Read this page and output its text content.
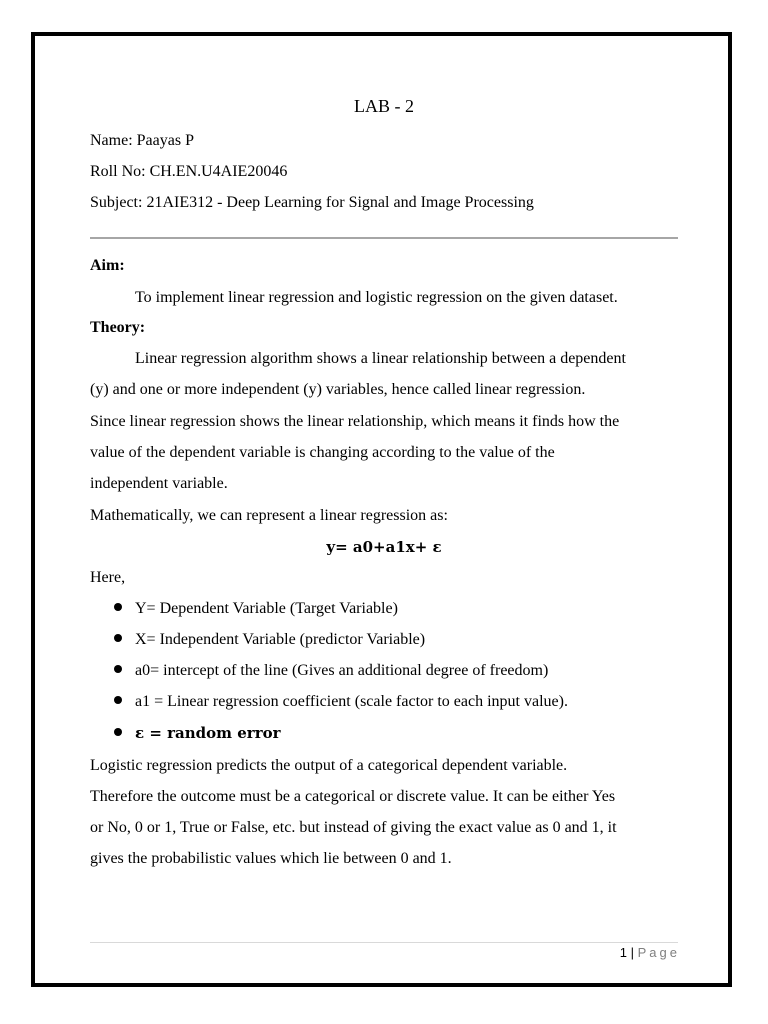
LAB - 2
Name: Paayas P
Roll No: CH.EN.U4AIE20046
Subject: 21AIE312 - Deep Learning for Signal and Image Processing
Aim:
To implement linear regression and logistic regression on the given dataset.
Theory:
Linear regression algorithm shows a linear relationship between a dependent
(y) and one or more independent (y) variables, hence called linear regression.
Since linear regression shows the linear relationship, which means it finds how the
value of the dependent variable is changing according to the value of the
independent variable.
Mathematically, we can represent a linear regression as:
y= a0+a1x+ ε
Here,
Y= Dependent Variable (Target Variable)
X= Independent Variable (predictor Variable)
a0= intercept of the line (Gives an additional degree of freedom)
a1 = Linear regression coefficient (scale factor to each input value).
ε = random error
Logistic regression predicts the output of a categorical dependent variable.
Therefore the outcome must be a categorical or discrete value. It can be either Yes
or No, 0 or 1, True or False, etc. but instead of giving the exact value as 0 and 1, it
gives the probabilistic values which lie between 0 and 1.
1 | Page
